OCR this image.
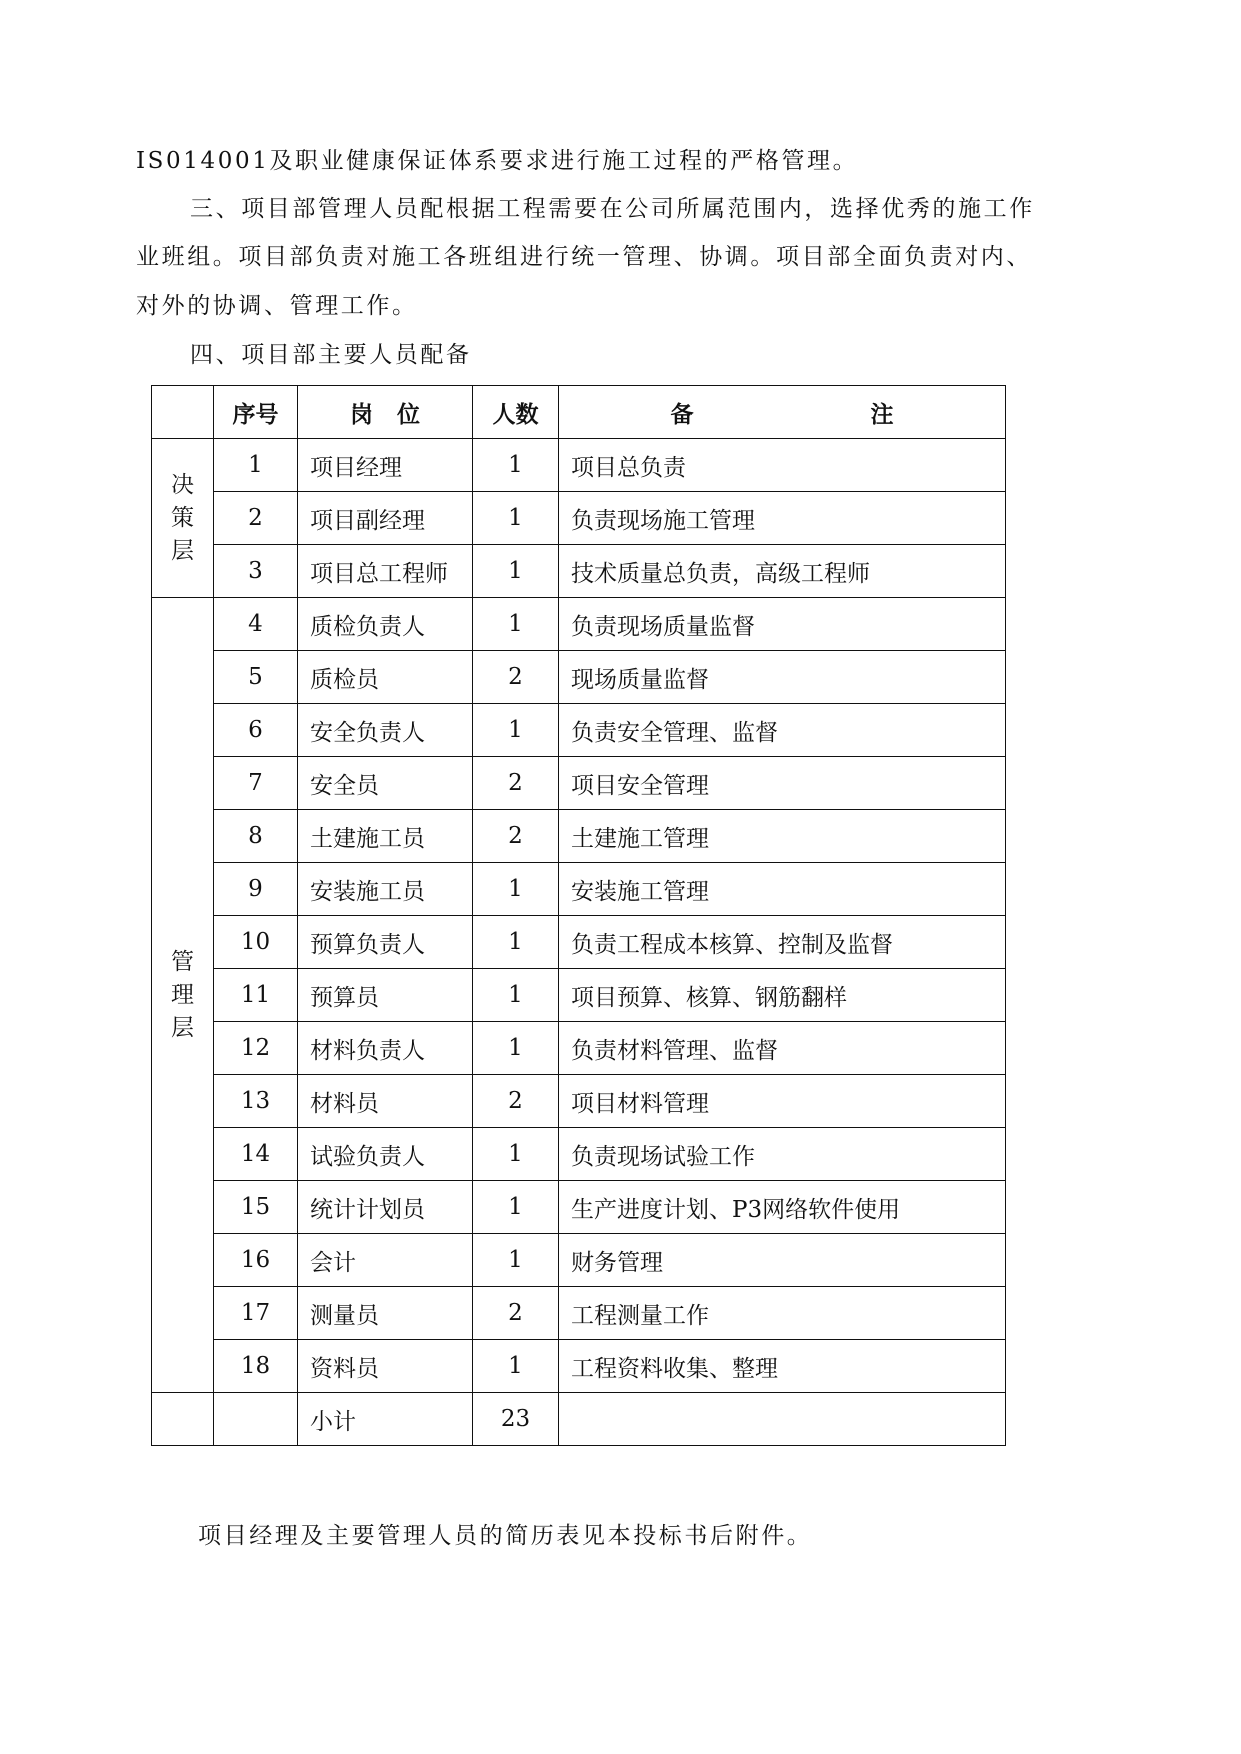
IS014001及职业健康保证体系要求进行施工过程的严格管理。

三、项目部管理人员配根据工程需要在公司所属范围内，选择优秀的施工作

业班组。项目部负责对施工各班组进行统一管理、协调。项目部全面负责对内、

对外的协调、管理工作。

四、项目部主要人员配备

	序号	岗位	人数	备 注
决策层	1	项目经理	1	项目总负责
	2	项目副经理	1	负责现场施工管理
	3	项目总工程师	1	技术质量总负责，高级工程师
管理层	4	质检负责人	1	负责现场质量监督
	5	质检员	2	现场质量监督
	6	安全负责人	1	负责安全管理、监督
	7	安全员	2	项目安全管理
	8	土建施工员	2	土建施工管理
	9	安装施工员	1	安装施工管理
	10	预算负责人	1	负责工程成本核算、控制及监督
	11	预算员	1	项目预算、核算、钢筋翻样
	12	材料负责人	1	负责材料管理、监督
	13	材料员	2	项目材料管理
	14	试验负责人	1	负责现场试验工作
	15	统计计划员	1	生产进度计划、P3网络软件使用
	16	会计	1	财务管理
	17	测量员	2	工程测量工作
	18	资料员	1	工程资料收集、整理
		小计	23	

项目经理及主要管理人员的简历表见本投标书后附件。
